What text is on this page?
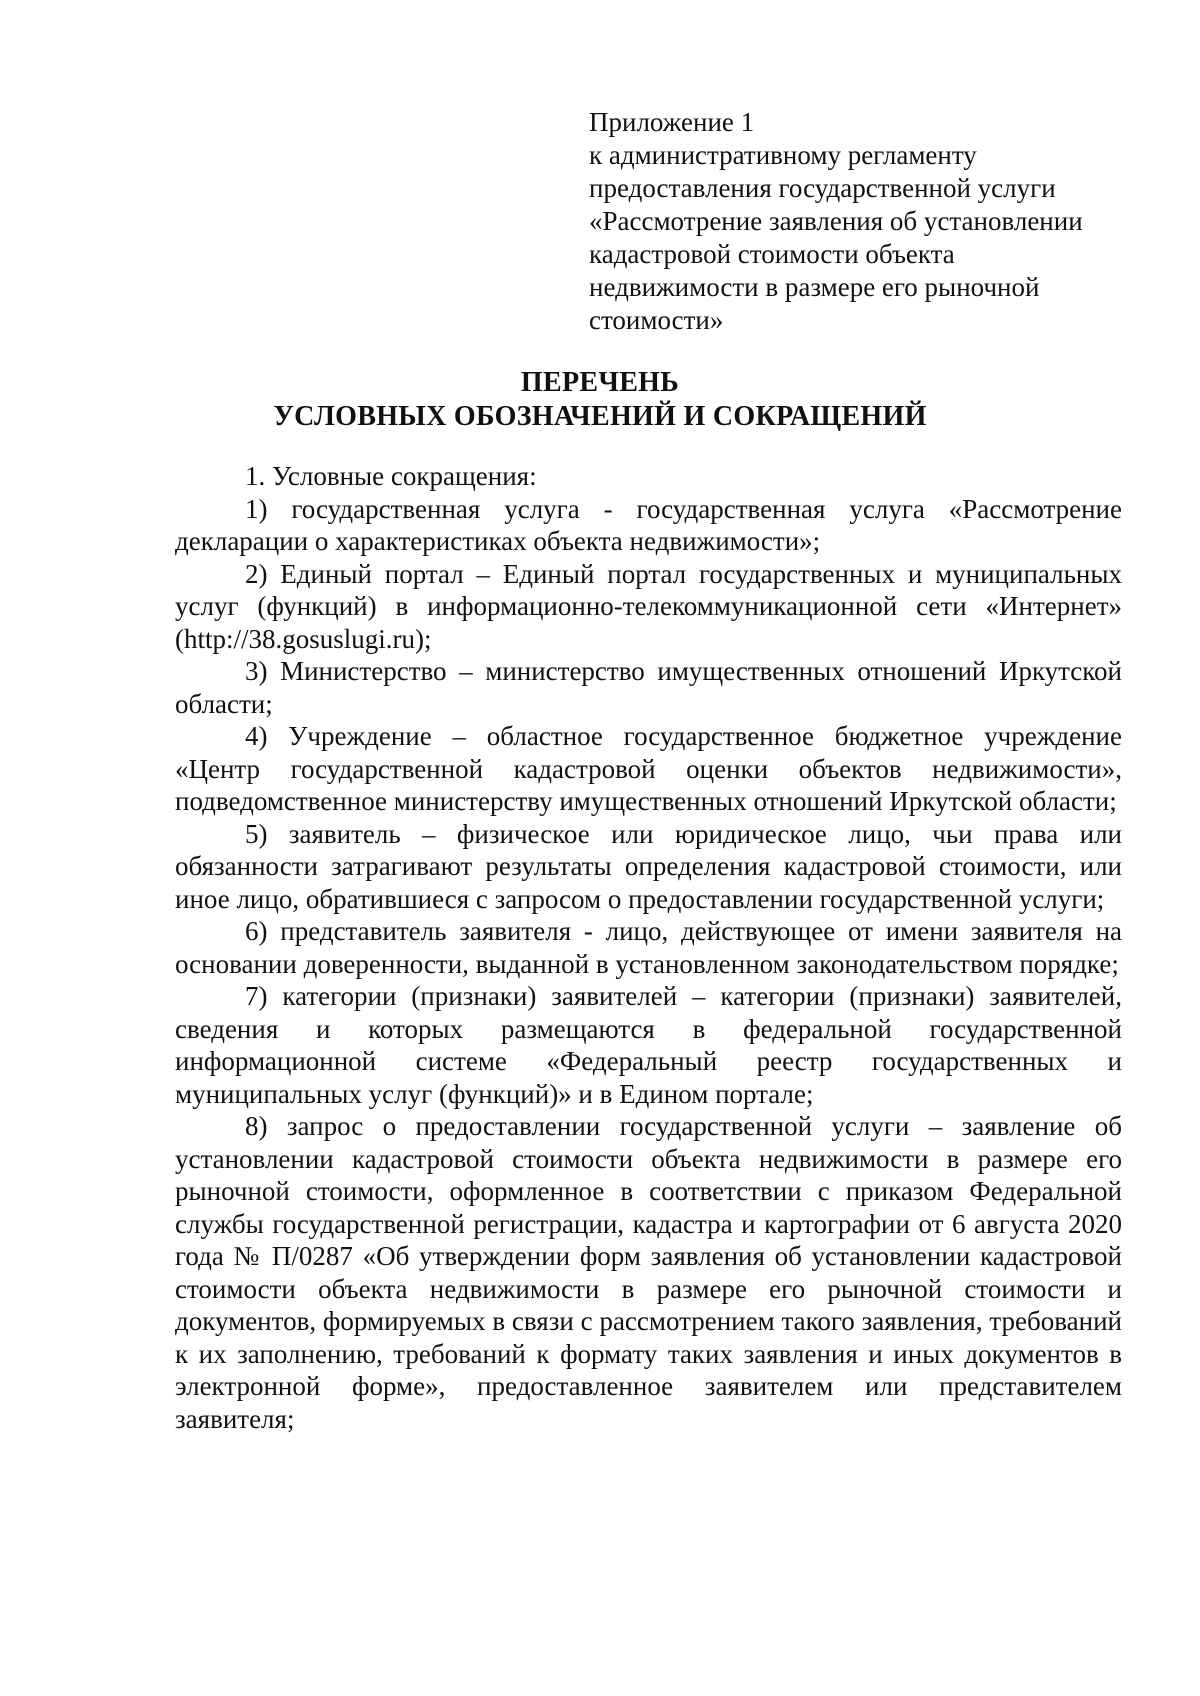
Приложение 1
к административному регламенту
предоставления государственной услуги
«Рассмотрение заявления об установлении
кадастровой стоимости объекта
недвижимости в размере его рыночной
стоимости»
ПЕРЕЧЕНЬ
УСЛОВНЫХ ОБОЗНАЧЕНИЙ И СОКРАЩЕНИЙ

1. Условные сокращения:

1) государственная услуга - государственная услуга «Рассмотрение декларации о характеристиках объекта недвижимости»;

2) Единый портал – Единый портал государственных и муниципальных услуг (функций) в информационно-телекоммуникационной сети «Интернет» (http://38.gosuslugi.ru);

3) Министерство – министерство имущественных отношений Иркутской области;

4) Учреждение – областное государственное бюджетное учреждение «Центр государственной кадастровой оценки объектов недвижимости», подведомственное министерству имущественных отношений Иркутской области;

5) заявитель – физическое или юридическое лицо, чьи права или обязанности затрагивают результаты определения кадастровой стоимости, или иное лицо, обратившиеся с запросом о предоставлении государственной услуги;

6) представитель заявителя - лицо, действующее от имени заявителя на основании доверенности, выданной в установленном законодательством порядке;

7) категории (признаки) заявителей – категории (признаки) заявителей, сведения и которых размещаются в федеральной государственной информационной системе «Федеральный реестр государственных и муниципальных услуг (функций)» и в Едином портале;

8) запрос о предоставлении государственной услуги – заявление об установлении кадастровой стоимости объекта недвижимости в размере его рыночной стоимости, оформленное в соответствии с приказом Федеральной службы государственной регистрации, кадастра и картографии от 6 августа 2020 года № П/0287 «Об утверждении форм заявления об установлении кадастровой стоимости объекта недвижимости в размере его рыночной стоимости и документов, формируемых в связи с рассмотрением такого заявления, требований к их заполнению, требований к формату таких заявления и иных документов в электронной форме», предоставленное заявителем или представителем заявителя;
